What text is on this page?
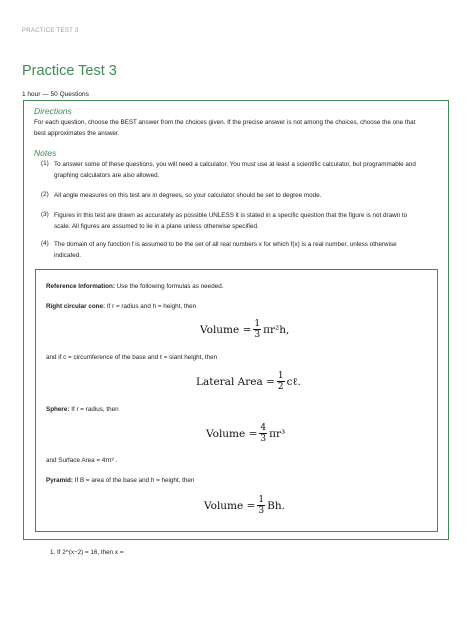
PRACTICE TEST 3
Practice Test 3
1 hour — 50 Questions
Directions
For each question, choose the BEST answer from the choices given. If the precise answer is not among the choices, choose the one that
best approximates the answer.
Notes
(1) To answer some of these questions, you will need a calculator. You must use at least a scientific calculator, but programmable and
graphing calculators are also allowed.
(2) All angle measures on this test are in degrees, so your calculator should be set to degree mode.
(3) Figures in this test are drawn as accurately as possible UNLESS it is stated in a specific question that the figure is not drawn to
scale. All figures are assumed to lie in a plane unless otherwise specified.
(4) The domain of any function f is assumed to be the set of all real numbers x for which f(x) is a real number, unless otherwise
indicated.
Reference Information: Use the following formulas as needed.
Right circular cone: If r = radius and h = height, then
Volume = $\frac{1}{3} \pi r^2h$,
and if c = circumference of the base and ℓ = slant height, then
Lateral Area = $\frac{1}{2}$ cℓ.
Sphere: If r = radius, then
Volume = $\frac{4}{3} \pi r^3$
and Surface Area = 4πr² .
Pyramid: If B = area of the base and h = height, then
Volume = $\frac{1}{3} Bh$.
1. If 2^(x−2) = 16, then x =
